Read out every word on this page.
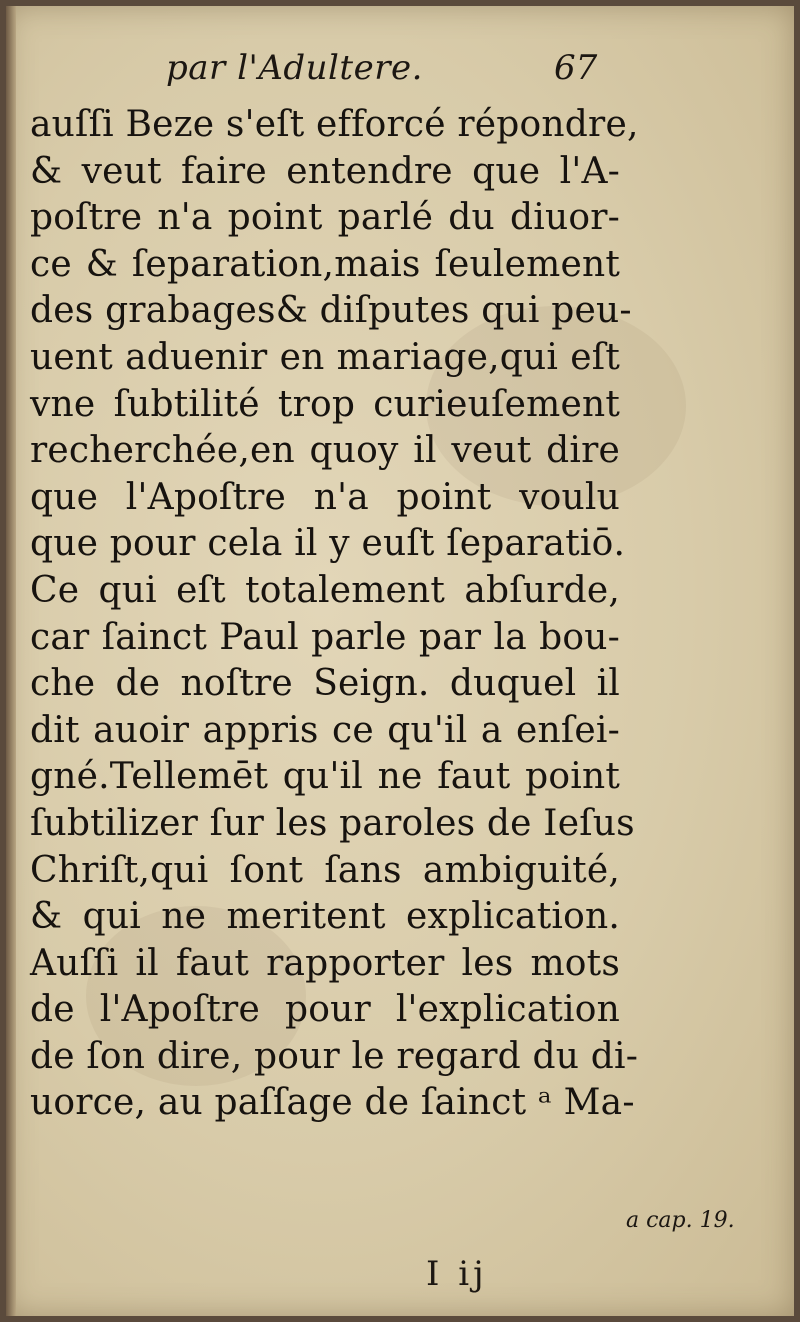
par l'Adultere.	67
auſſi Beze s'eſt efforcé répondre,
& veut faire entendre que l'A-
poſtre n'a point parlé du diuor-
ce & ſeparation,mais ſeulement
des grabages& diſputes qui peu-
uent aduenir en mariage,qui eſt
vne ſubtilité trop curieuſement
recherchée,en quoy il veut dire
que l'Apoſtre n'a point voulu
que pour cela il y euſt ſeparatiō.
Ce qui eſt totalement abſurde,
car ſainct Paul parle par la bou-
che de noſtre Seign. duquel il
dit auoir appris ce qu'il a enſei-
gné.Tellemēt qu'il ne faut point
ſubtilizer ſur les paroles de Ieſus
Chriſt,qui ſont ſans ambiguité,
& qui ne meritent explication.
Auſſi il faut rapporter les mots
de l'Apoſtre pour l'explication
de ſon dire, pour le regard du di-
uorce, au paſſage de ſainct ᵃ Ma-
a cap. 19.
I ij
